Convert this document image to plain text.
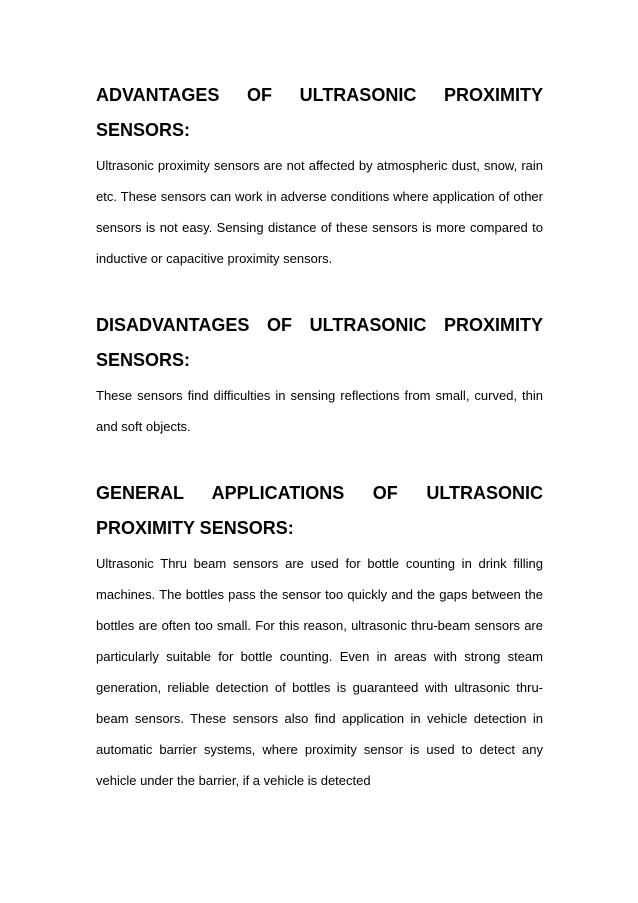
ADVANTAGES OF ULTRASONIC PROXIMITY SENSORS:

Ultrasonic proximity sensors are not affected by atmospheric dust, snow, rain etc. These sensors can work in adverse conditions where application of other sensors is not easy. Sensing distance of these sensors is more compared to inductive or capacitive proximity sensors.

DISADVANTAGES OF ULTRASONIC PROXIMITY SENSORS:

These sensors find difficulties in sensing reflections from small, curved, thin and soft objects.

GENERAL APPLICATIONS OF ULTRASONIC PROXIMITY SENSORS:

Ultrasonic Thru beam sensors are used for bottle counting in drink filling machines. The bottles pass the sensor too quickly and the gaps between the bottles are often too small. For this reason, ultrasonic thru-beam sensors are particularly suitable for bottle counting. Even in areas with strong steam generation, reliable detection of bottles is guaranteed with ultrasonic thru-beam sensors. These sensors also find application in vehicle detection in automatic barrier systems, where proximity sensor is used to detect any vehicle under the barrier, if a vehicle is detected
